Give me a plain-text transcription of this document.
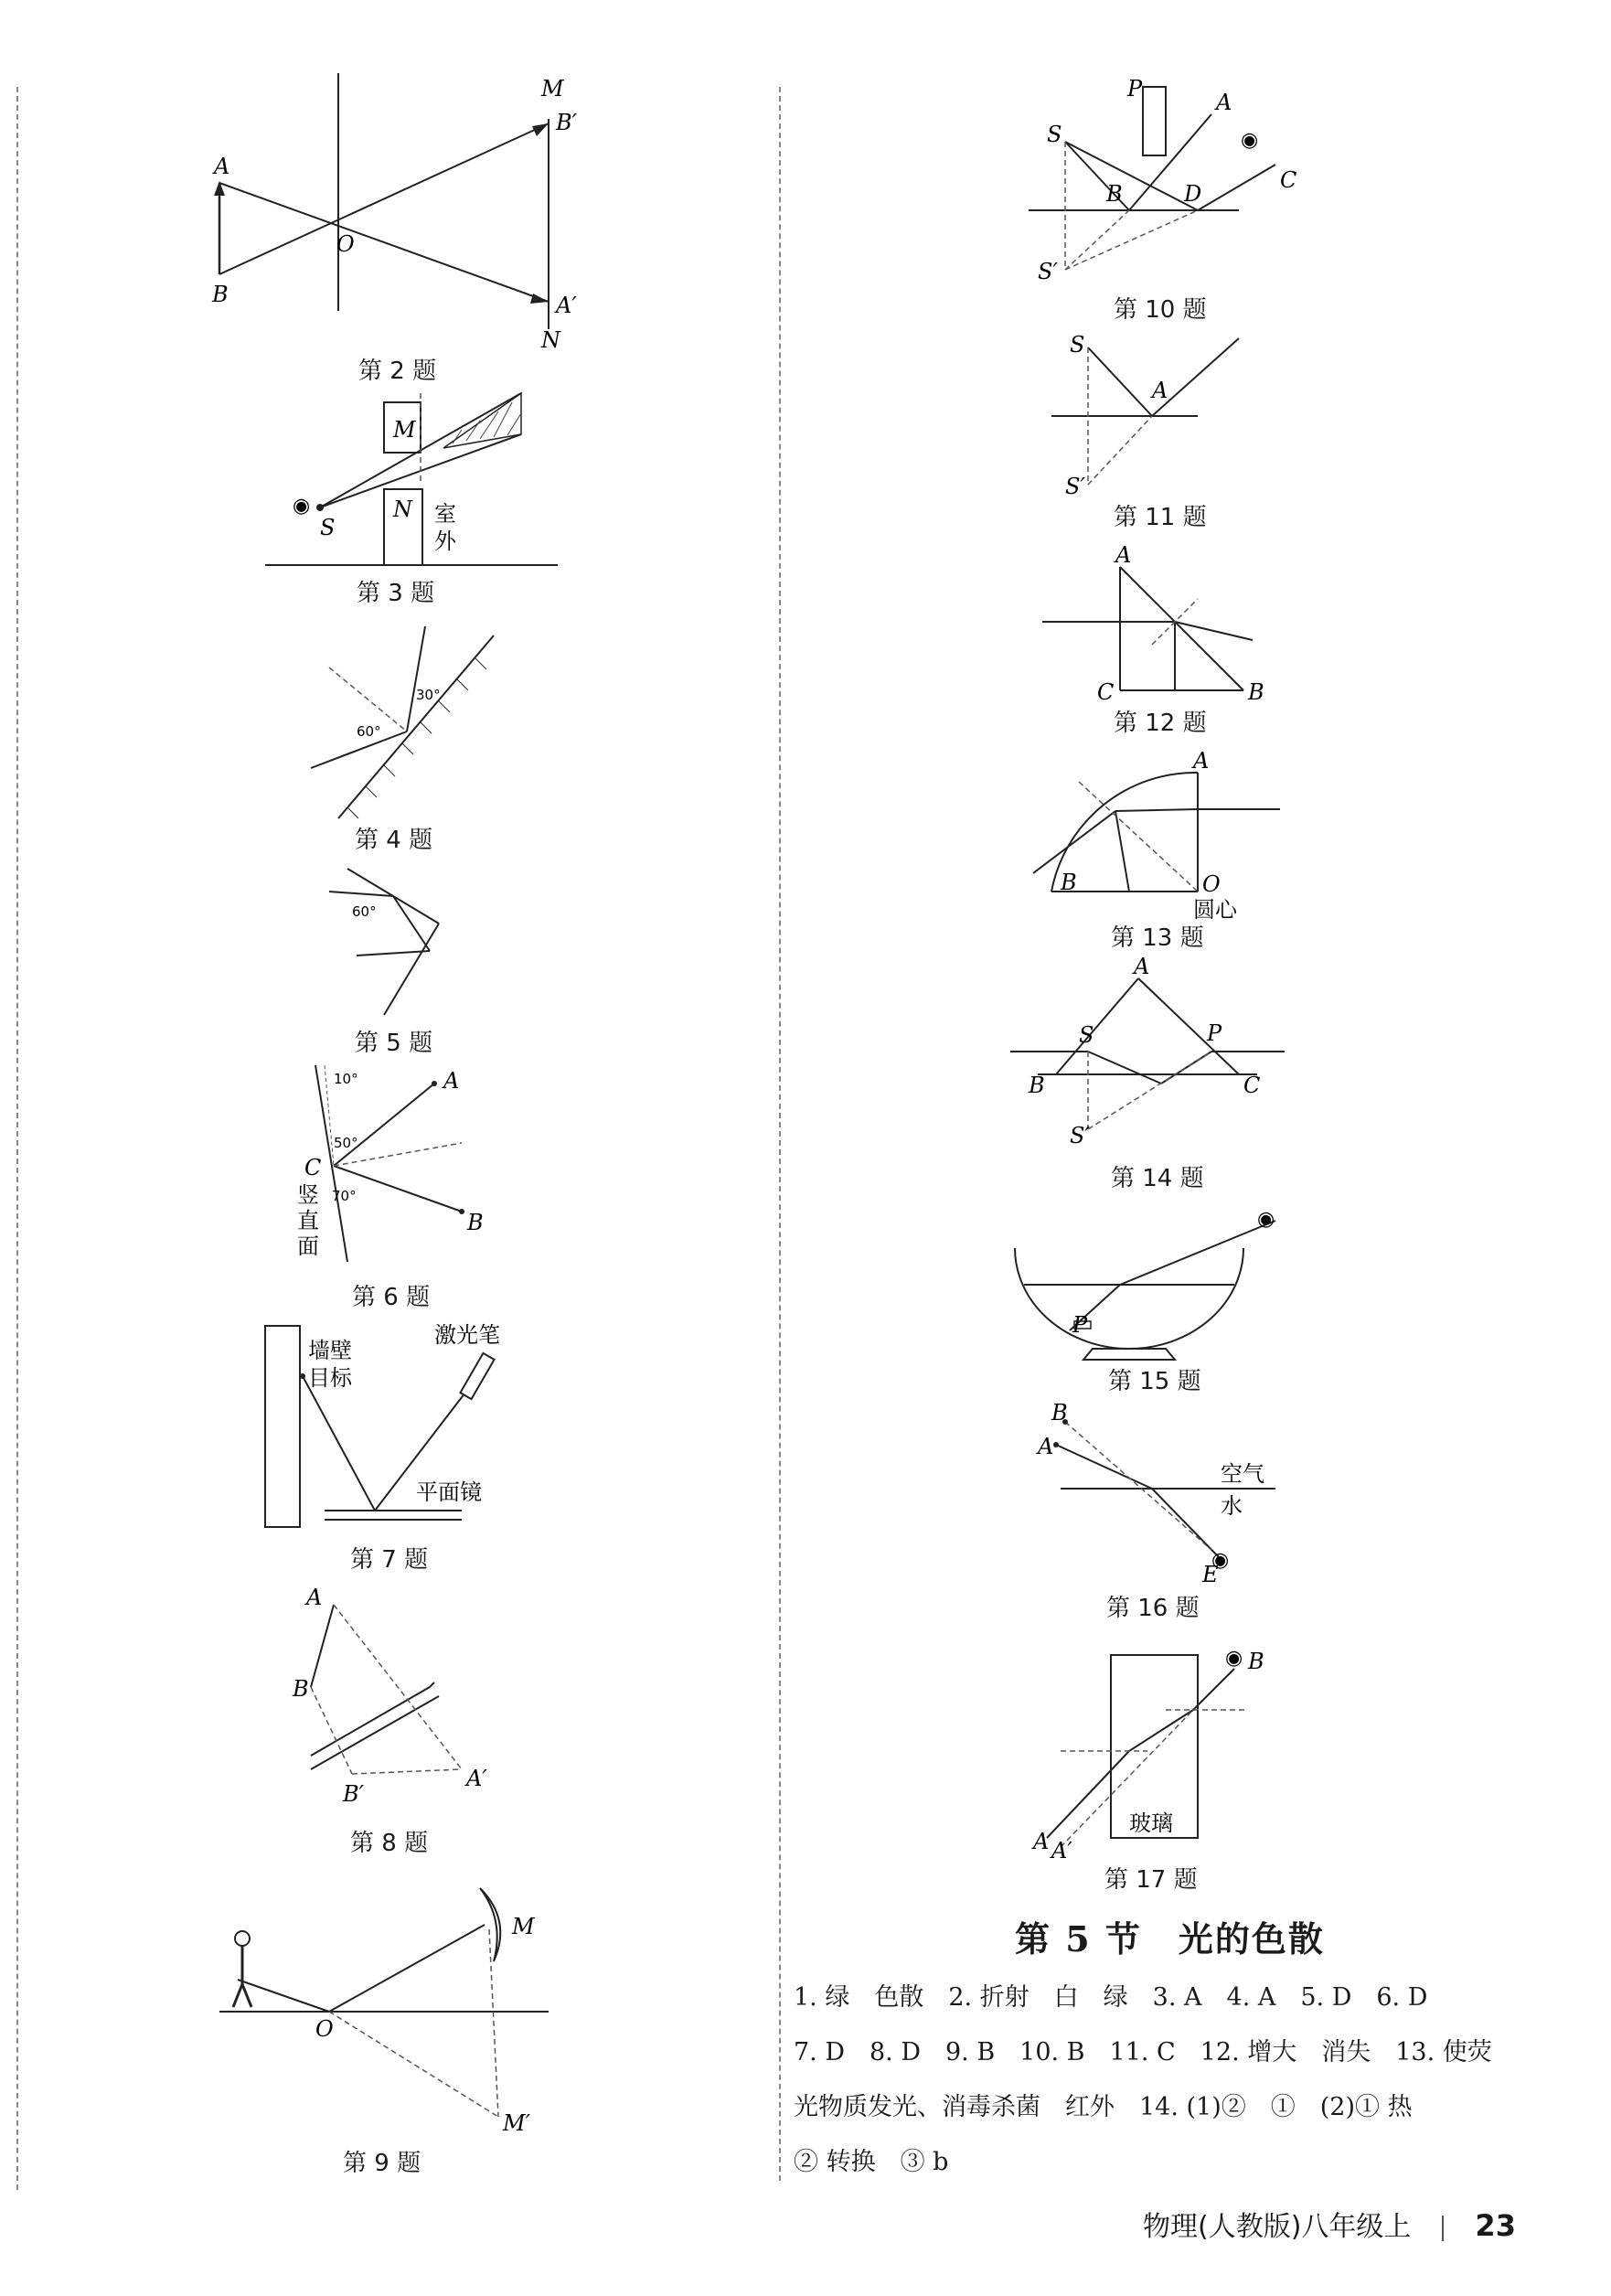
A
B
O
M
B′
A′
N
第 2 题
M
N
S
室
外
◉
第 3 题
60°
30°
第 4 题
60°
第 5 题
A
B
C
10°
50°
70°
竖
直
面
第 6 题
墙壁
目标
激光笔
平面镜
第 7 题
A
B
B′
A′
第 8 题
M
M′
O
第 9 题
P
S
A
B	D
C
S′
◉
第 10 题
S
A
S′
第 11 题
A
C	B
第 12 题
A
B	O
圆心
第 13 题
A
B	C
S	P
S′
第 14 题
P
◉
第 15 题
A
B
E
空气
水
◉
第 16 题
A A′
B
玻璃
◉
第 17 题
第 5 节　光的色散
1. 绿　色散　2. 折射　白　绿　3. A　4. A　5. D　6. D
7. D　8. D　9. B　10. B　11. C　12. 增大　消失　13. 使荧
光物质发光、消毒杀菌　红外　14. (1)②　①　(2)① 热
② 转换　③ b
物理(人教版)八年级上 23
